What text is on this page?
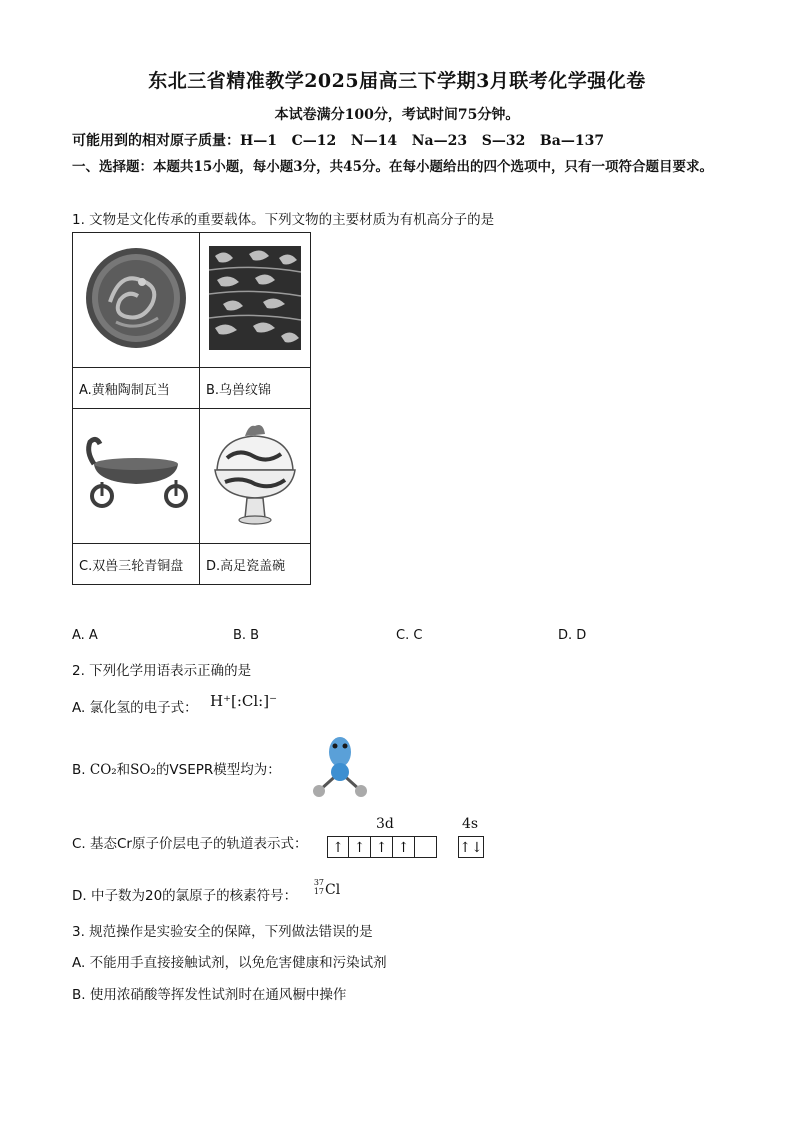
东北三省精准教学2025届高三下学期3月联考化学强化卷
本试卷满分100分，考试时间75分钟。
可能用到的相对原子质量：H—1   C—12   N—14   Na—23   S—32   Ba—137
一、选择题：本题共15小题，每小题3分，共45分。在每小题给出的四个选项中，只有一项符合题目要求。
1. 文物是文化传承的重要载体。下列文物的主要材质为有机高分子的是

A.黄釉陶制瓦当	B.乌兽纹锦

C.双兽三轮青铜盘	D.高足瓷盖碗
A. A	B. B	C. C	D. D
2. 下列化学用语表示正确的是
A. 氯化氢的电子式： H⁺[:Cl:]⁻
B. CO₂和SO₂的VSEPR模型均为：
C. 基态Cr原子价层电子的轨道表示式：
3d	4s
↑ ↑ ↑ ↑	↑↓
D. 中子数为20的氯原子的核素符号：
37
17 Cl
3. 规范操作是实验安全的保障，下列做法错误的是
A. 不能用手直接接触试剂，以免危害健康和污染试剂
B. 使用浓硝酸等挥发性试剂时在通风橱中操作
